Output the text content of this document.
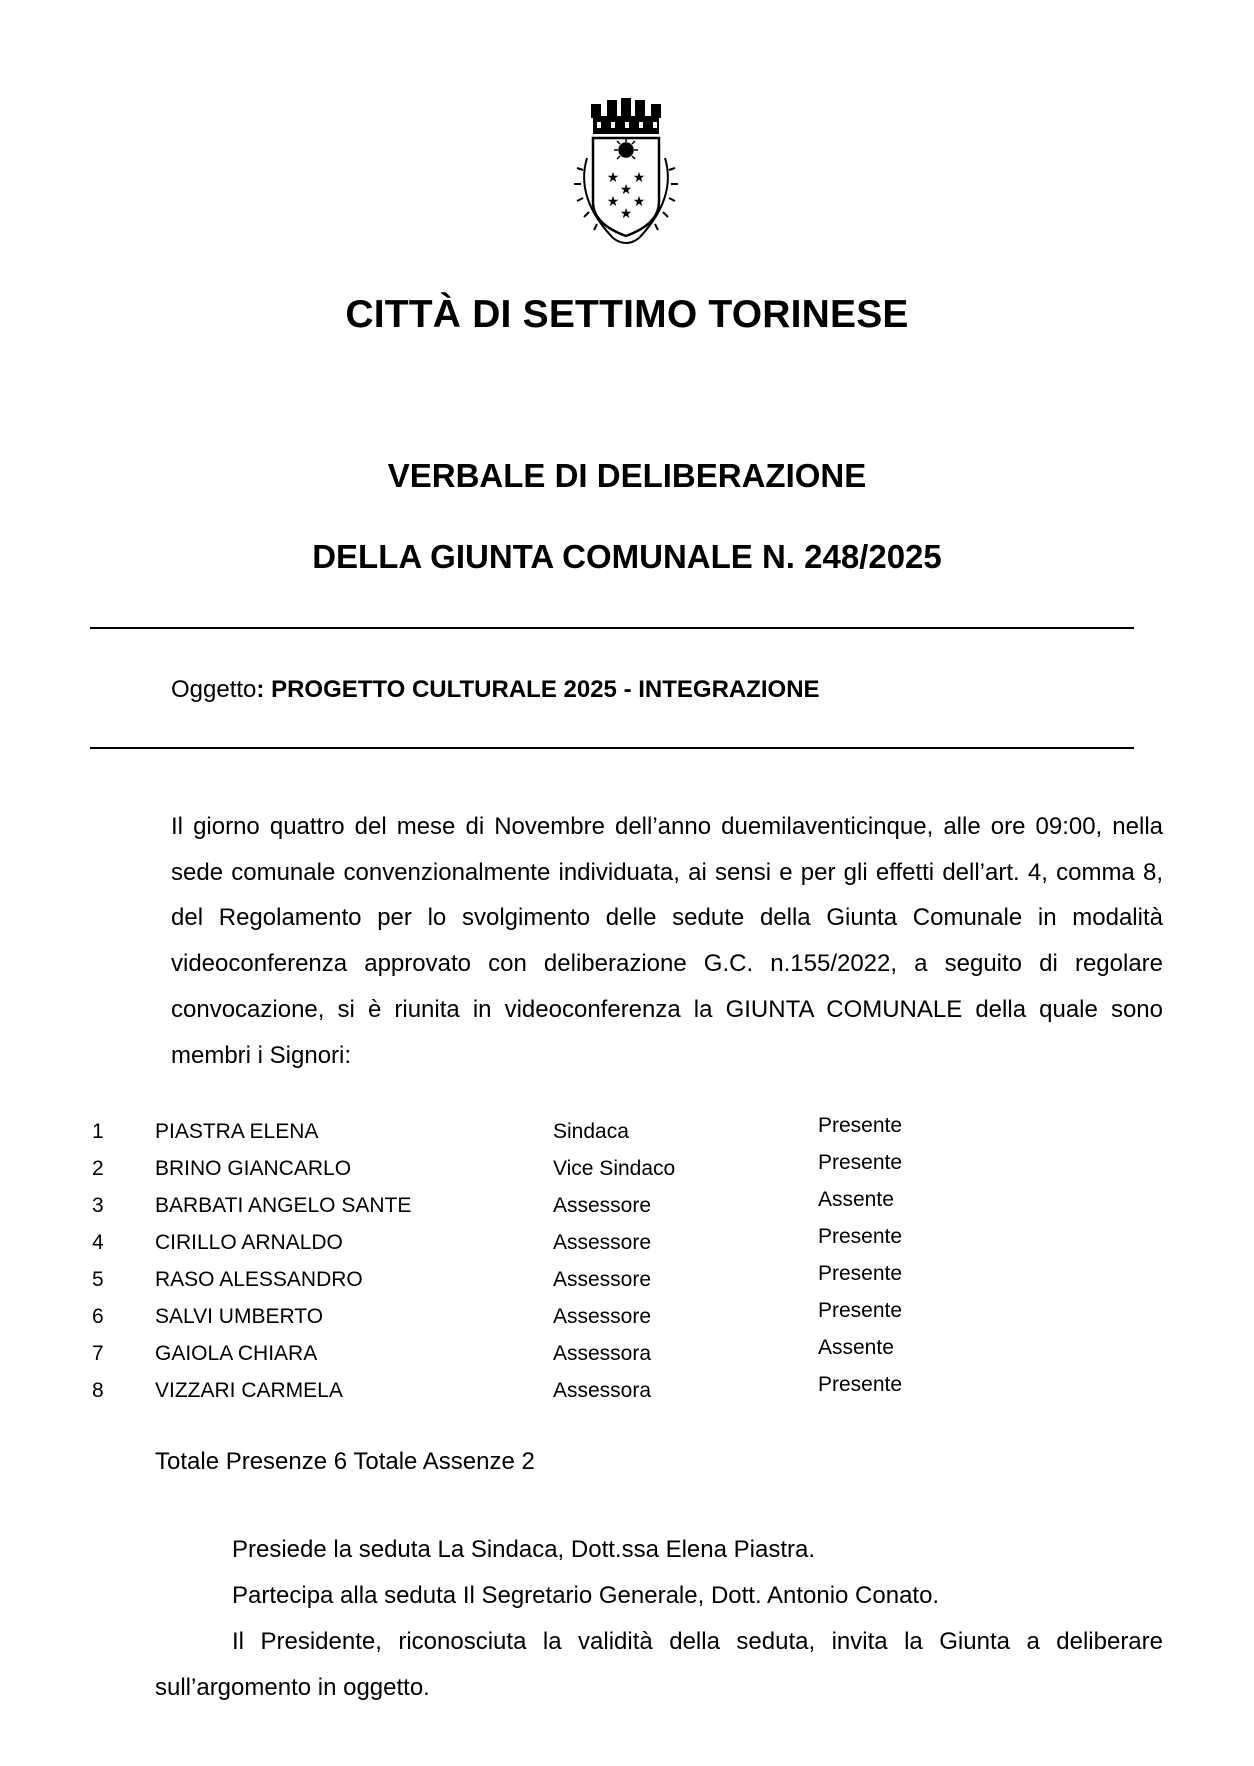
★ ★
★
★ ★
★
CITTÀ DI SETTIMO TORINESE
VERBALE DI DELIBERAZIONE
DELLA GIUNTA COMUNALE N. 248/2025
Oggetto: PROGETTO CULTURALE 2025 - INTEGRAZIONE
Il giorno quattro del mese di Novembre dell’anno duemilaventicinque, alle ore 09:00, nella sede comunale convenzionalmente individuata, ai sensi e per gli effetti dell’art. 4, comma 8, del Regolamento per lo svolgimento delle sedute della Giunta Comunale in modalità videoconferenza approvato con deliberazione G.C. n.155/2022, a seguito di regolare convocazione, si è riunita in videoconferenza la GIUNTA COMUNALE della quale sono membri i Signori:
1 PIASTRA ELENA	Sindaca	Presente
2 BRINO GIANCARLO	Vice Sindaco	Presente
3 BARBATI ANGELO SANTE	Assessore	Assente
4 CIRILLO ARNALDO	Assessore	Presente
5 RASO ALESSANDRO	Assessore	Presente
6 SALVI UMBERTO	Assessore	Presente
7 GAIOLA CHIARA	Assessora	Assente
8 VIZZARI CARMELA	Assessora	Presente
Totale Presenze 6 Totale Assenze 2

Presiede la seduta La Sindaca, Dott.ssa Elena Piastra.

Partecipa alla seduta Il Segretario Generale, Dott. Antonio Conato.

Il Presidente, riconosciuta la validità della seduta, invita la Giunta a deliberare sull’argomento in oggetto.
